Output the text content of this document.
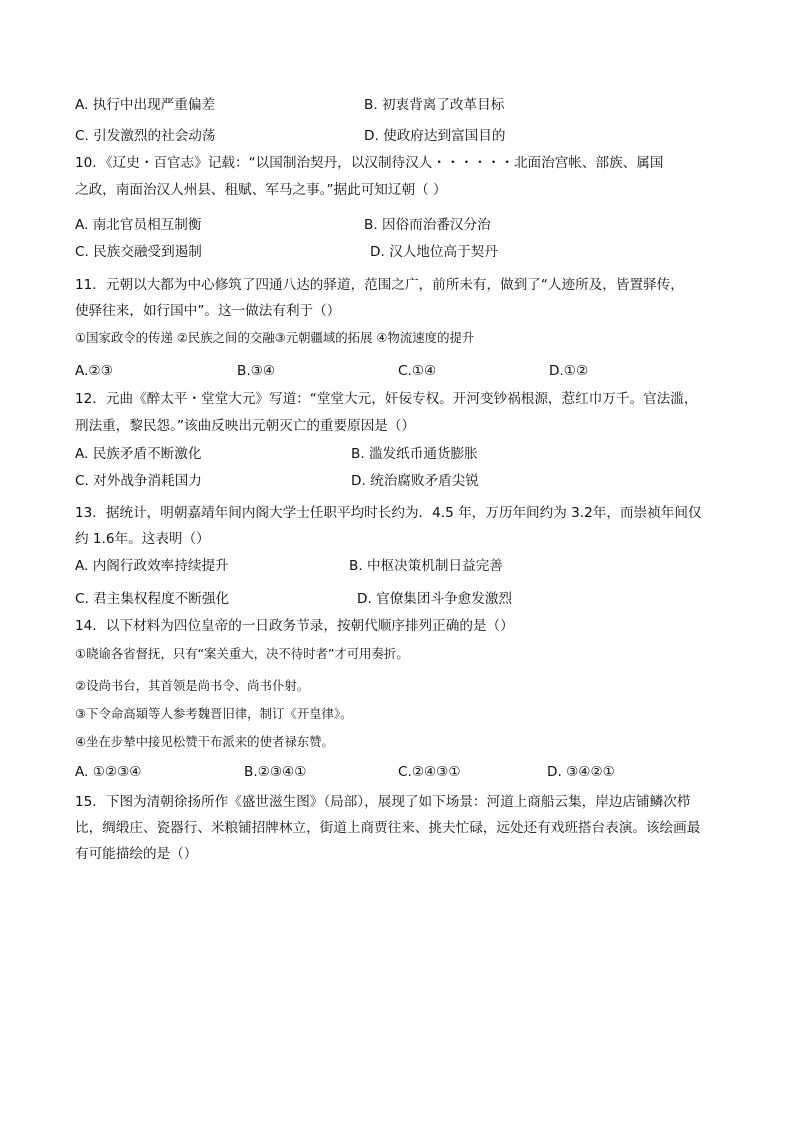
A. 执行中出现严重偏差	B. 初衷背离了改革目标
C. 引发激烈的社会动荡	D. 使政府达到富国目的
10．《辽史・百官志》记载：“以国制治契丹，以汉制待汉人・・・・・・北面治宫帐、部族、属国
之政，南面治汉人州县、租赋、军马之事。”据此可知辽朝（ ）
A. 南北官员相互制衡	B. 因俗而治番汉分治
C. 民族交融受到遏制	D. 汉人地位高于契丹
11．元朝以大都为中心修筑了四通八达的驿道，范围之广，前所未有，做到了“人迹所及，皆置驿传，
使驿往来，如行国中”。这一做法有利于（）
①国家政令的传递 ②民族之间的交融③元朝疆域的拓展 ④物流速度的提升
A.②③	B.③④	C.①④	D.①②
12．元曲《醉太平・堂堂大元》写道：“堂堂大元，奸佞专权。开河变钞祸根源，惹红巾万千。官法滥，
刑法重，黎民怨。”该曲反映出元朝灭亡的重要原因是（）
A. 民族矛盾不断激化	B. 滥发纸币通货膨胀
C. 对外战争消耗国力	D. 统治腐败矛盾尖锐
13．据统计，明朝嘉靖年间内阁大学士任职平均时长约为．4.5 年，万历年间约为 3.2年，而崇祯年间仅
约 1.6年。这表明（）
A. 内阁行政效率持续提升	B. 中枢决策机制日益完善
C. 君主集权程度不断强化	D. 官僚集团斗争愈发激烈
14．以下材料为四位皇帝的一日政务节录，按朝代顺序排列正确的是（）
①晓谕各省督抚，只有“案关重大，决不待时者”才可用奏折。
②设尚书台，其首领是尚书令、尚书仆射。
③下令命高熲等人参考魏晋旧律，制订《开皇律》。
④坐在步辇中接见松赞干布派来的使者禄东赞。
A. ①②③④	B.②③④①	C.②④③①	D. ③④②①
15．下图为清朝徐扬所作《盛世滋生图》（局部），展现了如下场景：河道上商船云集，岸边店铺鳞次栉
比，绸缎庄、瓷器行、米粮铺招牌林立，街道上商贾往来、挑夫忙碌，远处还有戏班搭台表演。该绘画最
有可能描绘的是（）
